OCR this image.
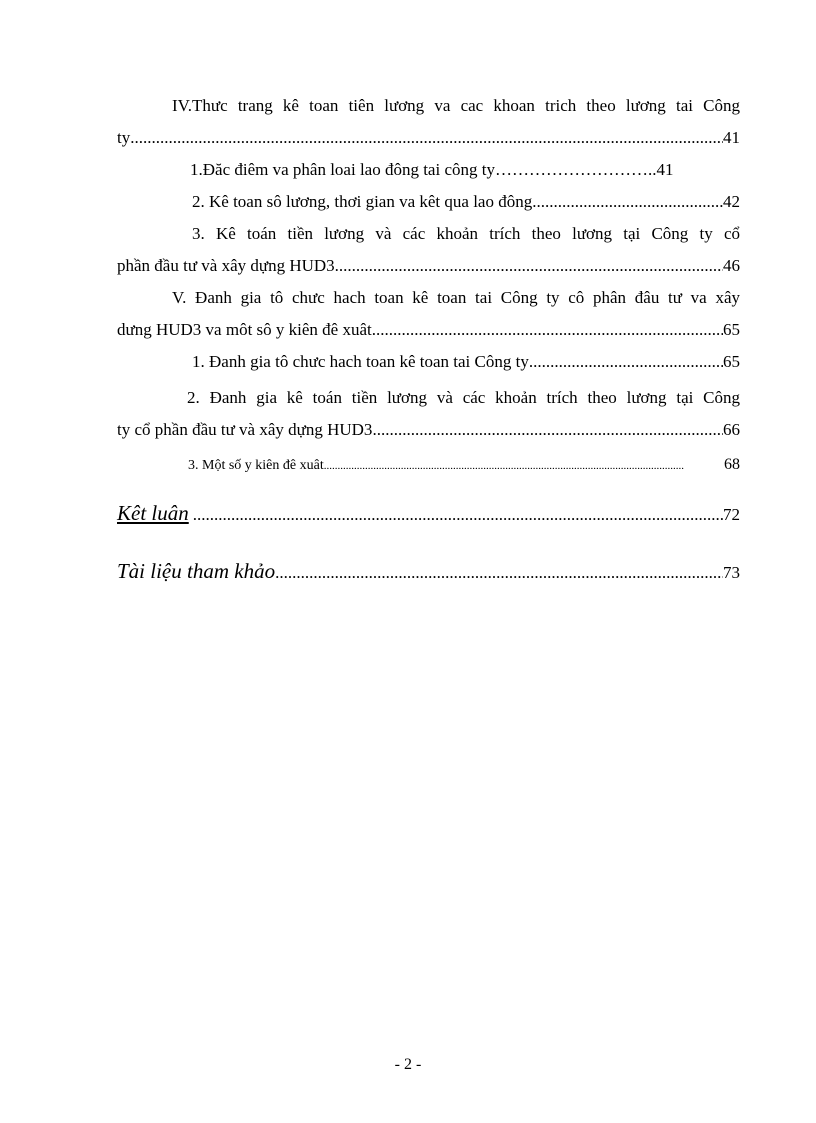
IV.Thưc trang kê toan tiên lương va cac khoan trich theo lương tai Công
ty .....	41
1.Đăc điêm va phân loai lao đông tai công ty ……………………….. 41
2. Kê toan sô lương, thơi gian va kêt qua lao đông .....	42
3. Kê toán tiền lương và các khoản trích theo lương tại Công ty cổ
phần đầu tư và xây dựng HUD3 .....	46
V. Đanh gia tô chưc hach toan kê toan tai Công ty cô phân đâu tư va xây
dưng HUD3 va môt sô y kiên đê xuât .....	65
1. Đanh gia tô chưc hach toan kê toan tai Công ty .....	65
2. Đanh gia kê toán tiền lương và các khoản trích theo lương tại Công
ty cổ phần đầu tư và xây dựng HUD3 .....	66
3. Một số y kiên đê xuât .....	68
Kêt luân .....	72
Tài liệu tham khảo .....	73
- 2 -
